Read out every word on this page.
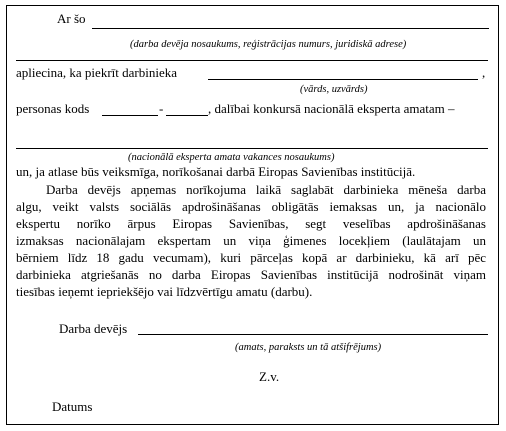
Ar šo
(darba devēja nosaukums, reģistrācijas numurs, juridiskā adrese)
apliecina, ka piekrīt darbinieka	,
(vārds, uzvārds)
personas kods	-	, dalībai konkursā nacionālā eksperta amatam –
(nacionālā eksperta amata vakances nosaukums)
un, ja atlase būs veiksmīga, norīkošanai darbā Eiropas Savienības institūcijā.
Darba devējs apņemas norīkojuma laikā saglabāt darbinieka mēneša darba
algu, veikt valsts sociālās apdrošināšanas obligātās iemaksas un, ja nacionālo
ekspertu norīko ārpus Eiropas Savienības, segt veselības apdrošināšanas
izmaksas nacionālajam ekspertam un viņa ģimenes locekļiem (laulātajam un
bērniem līdz 18 gadu vecumam), kuri pārceļas kopā ar darbinieku, kā arī pēc
darbinieka atgriešanās no darba Eiropas Savienības institūcijā nodrošināt viņam
tiesības ieņemt iepriekšējo vai līdzvērtīgu amatu (darbu).
Darba devējs
(amats, paraksts un tā atšifrējums)
Z.v.
Datums
